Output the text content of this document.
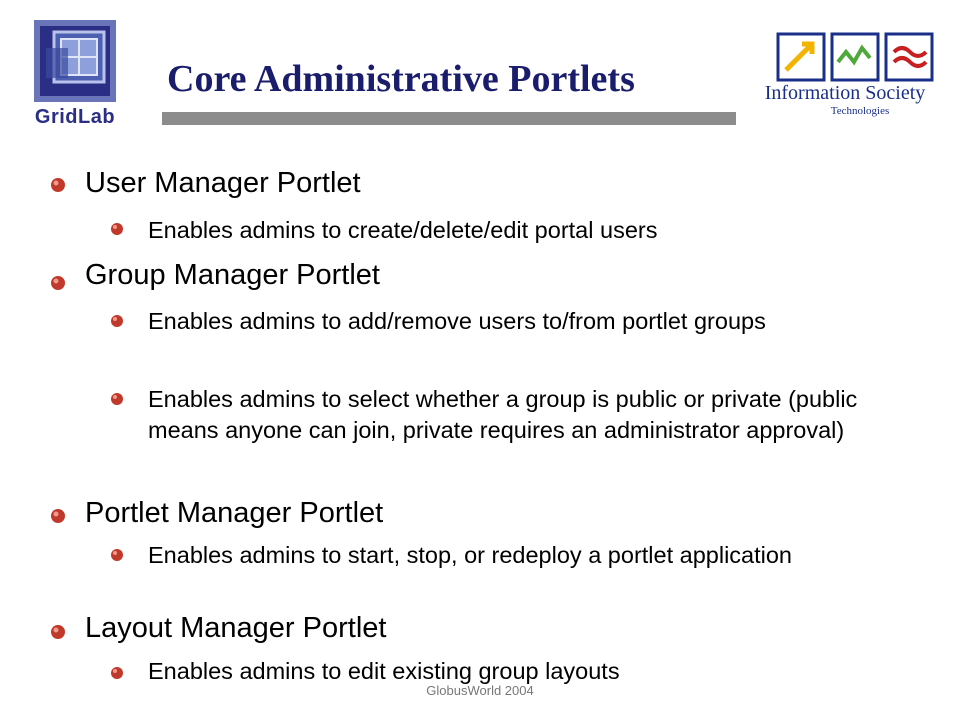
GridLab
Core Administrative Portlets	Information Society
Technologies
User Manager Portlet
Enables admins to create/delete/edit portal users
Group Manager Portlet
Enables admins to add/remove users to/from portlet groups
Enables admins to select whether a group is public or private (public means anyone can join, private requires an administrator approval)
Portlet Manager Portlet
Enables admins to start, stop, or redeploy a portlet application
Layout Manager Portlet
Enables admins to edit existing group layouts
GlobusWorld 2004
